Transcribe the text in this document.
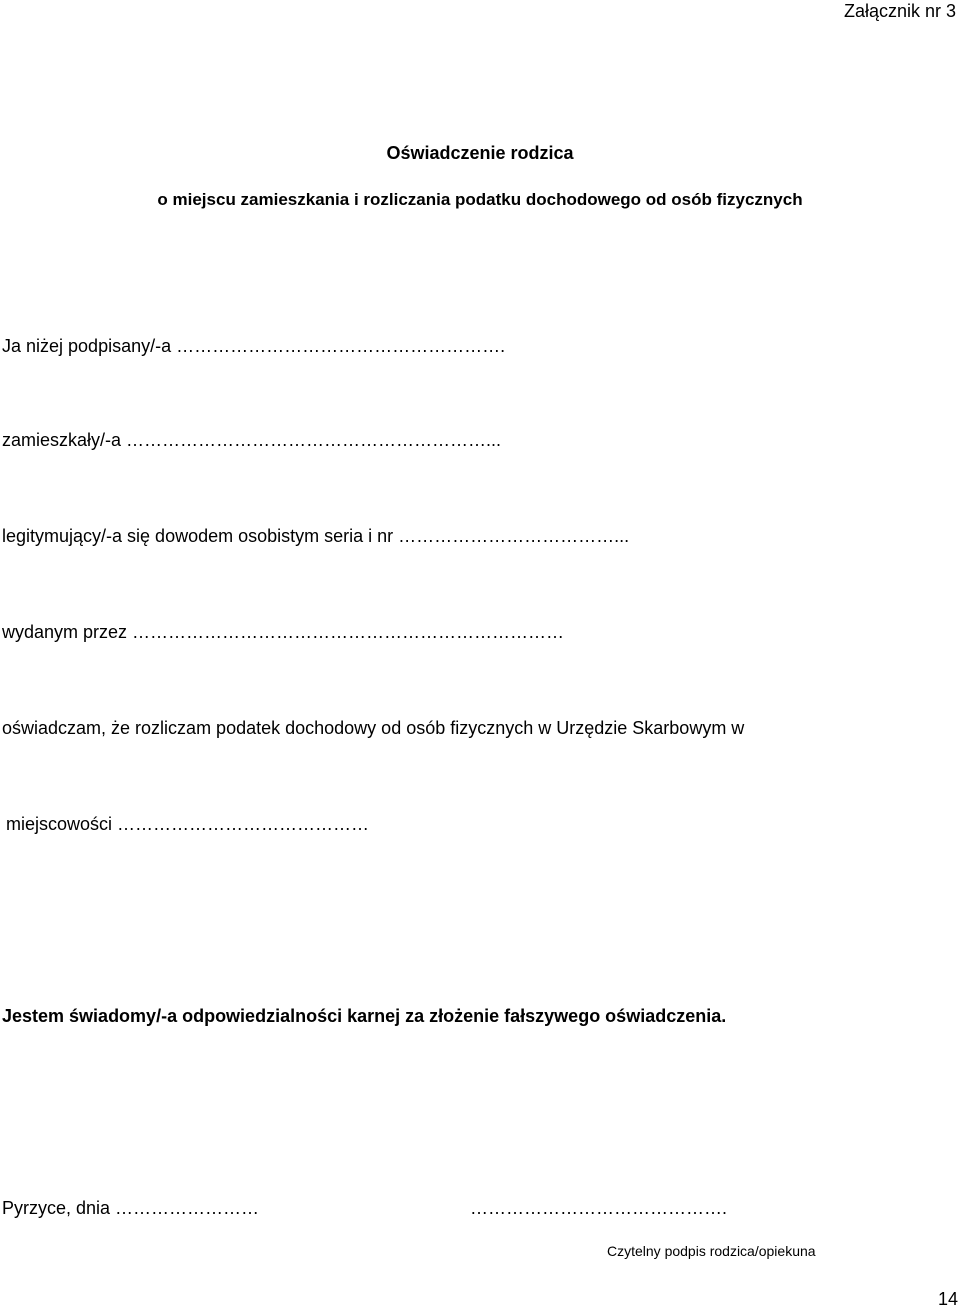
Załącznik nr 3
Oświadczenie rodzica
o miejscu zamieszkania i rozliczania podatku dochodowego od osób fizycznych
Ja niżej podpisany/-a ……………………………………………….
zamieszkały/-a ……………………………………………………...
legitymujący/-a się dowodem osobistym seria i nr ………………………………...
wydanym przez ………………………………………………………………
oświadczam, że rozliczam podatek dochodowy od osób fizycznych w Urzędzie Skarbowym w
miejscowości ……………………………………
Jestem świadomy/-a odpowiedzialności karnej za złożenie fałszywego oświadczenia.
Pyrzyce, dnia ……………………	…………………………………….
Czytelny podpis rodzica/opiekuna
14
